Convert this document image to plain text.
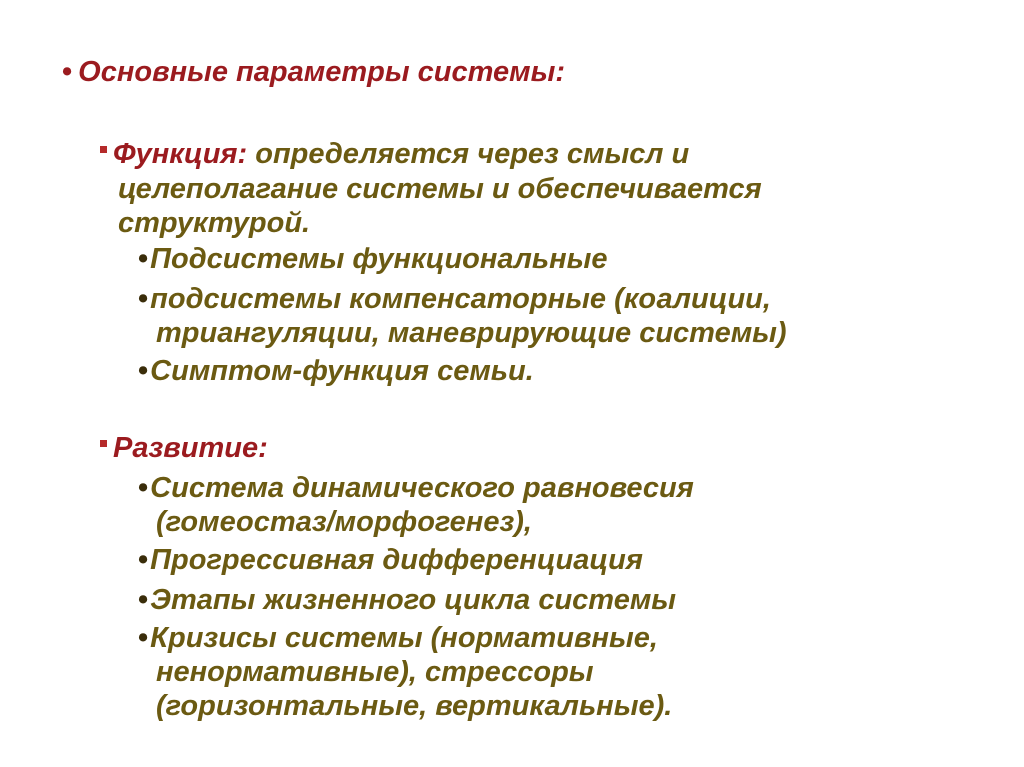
• Основные параметры системы:
Функция: определяется через смысл и
целеполагание системы и обеспечивается
структурой.
•Подсистемы функциональные
•подсистемы компенсаторные (коалиции,
триангуляции, маневрирующие системы)
•Симптом-функция семьи.
Развитие:
•Система динамического равновесия
(гомеостаз/морфогенез),
•Прогрессивная дифференциация
•Этапы жизненного цикла системы
•Кризисы системы (нормативные,
ненормативные), стрессоры
(горизонтальные, вертикальные).
